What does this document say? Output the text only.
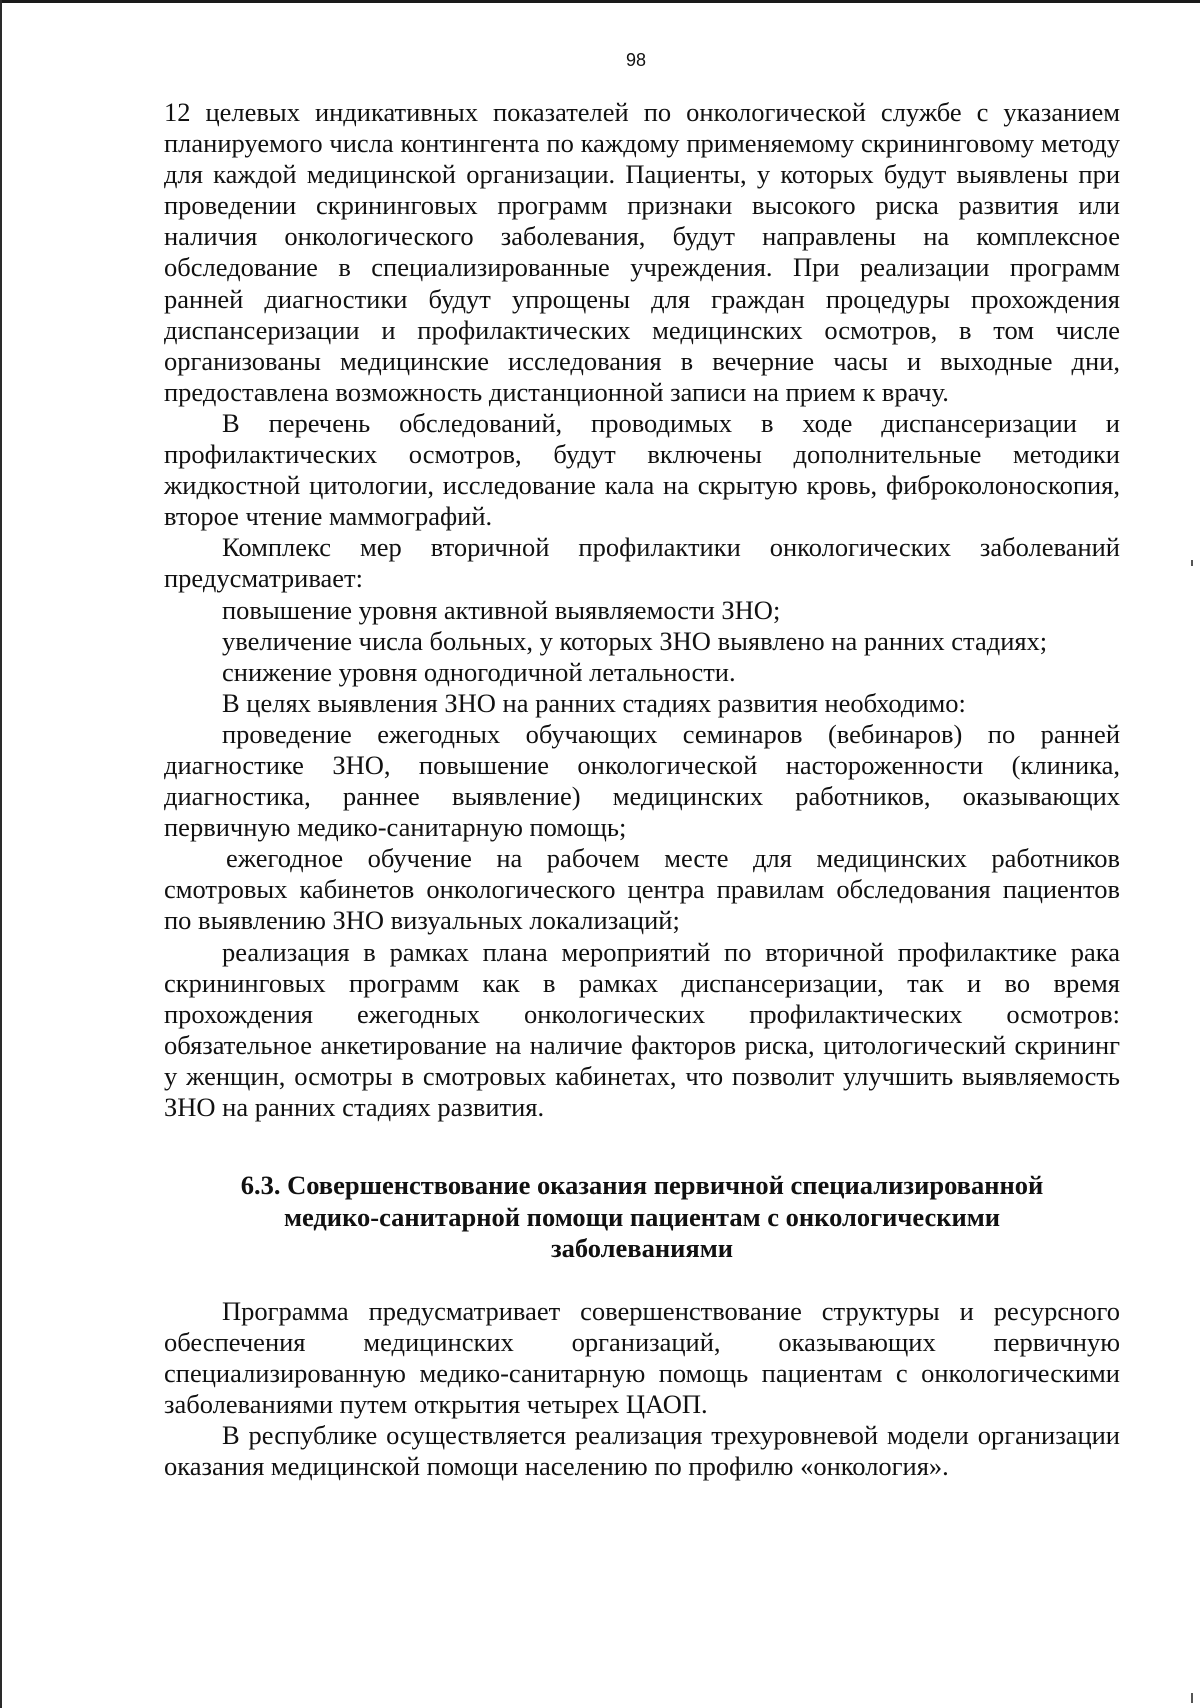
98

12 целевых индикативных показателей по онкологической службе с указанием планируемого числа контингента по каждому применяемому скрининговому методу для каждой медицинской организации. Пациенты, у которых будут выявлены при проведении скрининговых программ признаки высокого риска развития или наличия онкологического заболевания, будут направлены на комплексное обследование в специализированные учреждения. При реализации программ ранней диагностики будут упрощены для граждан процедуры прохождения диспансеризации и профилактических медицинских осмотров, в том числе организованы медицинские исследования в вечерние часы и выходные дни, предоставлена возможность дистанционной записи на прием к врачу.

В перечень обследований, проводимых в ходе диспансеризации и профилактических осмотров, будут включены дополнительные методики жидкостной цитологии, исследование кала на скрытую кровь, фиброколоноскопия, второе чтение маммографий.

Комплекс мер вторичной профилактики онкологических заболеваний предусматривает:

повышение уровня активной выявляемости ЗНО;

увеличение числа больных, у которых ЗНО выявлено на ранних стадиях;

снижение уровня одногодичной летальности.

В целях выявления ЗНО на ранних стадиях развития необходимо:

проведение ежегодных обучающих семинаров (вебинаров) по ранней диагностике ЗНО, повышение онкологической настороженности (клиника, диагностика, раннее выявление) медицинских работников, оказывающих первичную медико-санитарную помощь;

ежегодное обучение на рабочем месте для медицинских работников смотровых кабинетов онкологического центра правилам обследования пациентов по выявлению ЗНО визуальных локализаций;

реализация в рамках плана мероприятий по вторичной профилактике рака скрининговых программ как в рамках диспансеризации, так и во время прохождения ежегодных онкологических профилактических осмотров: обязательное анкетирование на наличие факторов риска, цитологический скрининг у женщин, осмотры в смотровых кабинетах, что позволит улучшить выявляемость ЗНО на ранних стадиях развития.

6.3. Совершенствование оказания первичной специализированной медико-санитарной помощи пациентам с онкологическими заболеваниями

Программа предусматривает совершенствование структуры и ресурсного обеспечения медицинских организаций, оказывающих первичную специализированную медико-санитарную помощь пациентам с онкологическими заболеваниями путем открытия четырех ЦАОП.

В республике осуществляется реализация трехуровневой модели организации оказания медицинской помощи населению по профилю «онкология».
